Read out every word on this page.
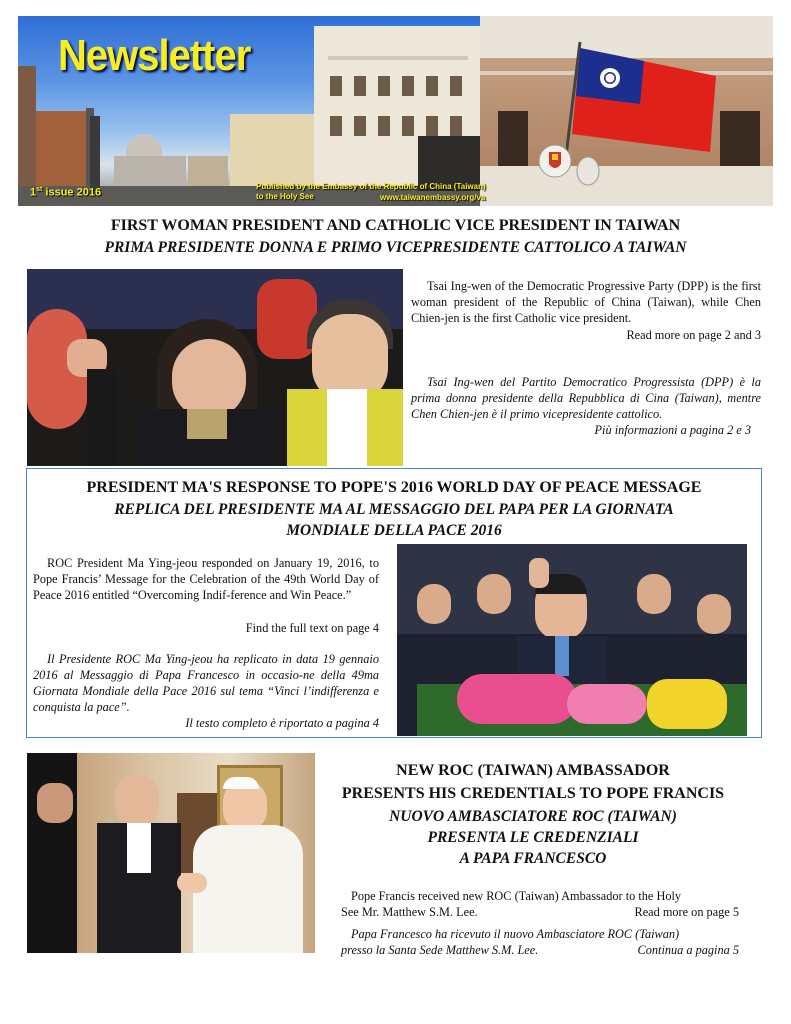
Newsletter
1st issue 2016
Published by the Embassy of the Republic of China (Taiwan)
to the Holy See	www.taiwanembassy.org/va
FIRST WOMAN PRESIDENT AND CATHOLIC VICE PRESIDENT IN TAIWAN
PRIMA PRESIDENTE DONNA E PRIMO VICEPRESIDENTE CATTOLICO A TAIWAN
Tsai Ing-wen of the Democratic Progressive Party (DPP) is the first woman president of the Republic of China (Taiwan), while Chen Chien-jen is the first Catholic vice president.
Read more on page 2 and 3
Tsai Ing-wen del Partito Democratico Progressista (DPP) è la prima donna presidente della Repubblica di Cina (Taiwan), mentre Chen Chien-jen è il primo vicepresidente cattolico.
Più informazioni a pagina 2 e 3
PRESIDENT MA'S RESPONSE TO POPE'S 2016 WORLD DAY OF PEACE MESSAGE
REPLICA DEL PRESIDENTE MA AL MESSAGGIO DEL PAPA PER LA GIORNATA
MONDIALE DELLA PACE 2016
ROC President Ma Ying-jeou responded on January 19, 2016, to Pope Francis’ Message for the Celebration of the 49th World Day of Peace 2016 entitled “Overcoming Indif-ference and Win Peace.”
Find the full text on page 4
Il Presidente ROC Ma Ying-jeou ha replicato in data 19 gennaio 2016 al Messaggio di Papa Francesco in occasio-ne della 49ma Giornata Mondiale della Pace 2016 sul tema “Vinci l’indifferenza e conquista la pace”.
Il testo completo è riportato a pagina 4
NEW ROC (TAIWAN) AMBASSADOR
PRESENTS HIS CREDENTIALS TO POPE FRANCIS
NUOVO AMBASCIATORE ROC (TAIWAN)
PRESENTA LE CREDENZIALI
A PAPA FRANCESCO
Pope Francis received new ROC (Taiwan) Ambassador to the Holy
See Mr. Matthew S.M. Lee.	Read more on page 5
Papa Francesco ha ricevuto il nuovo Ambasciatore ROC (Taiwan)
presso la Santa Sede Matthew S.M. Lee.	Continua a pagina 5
